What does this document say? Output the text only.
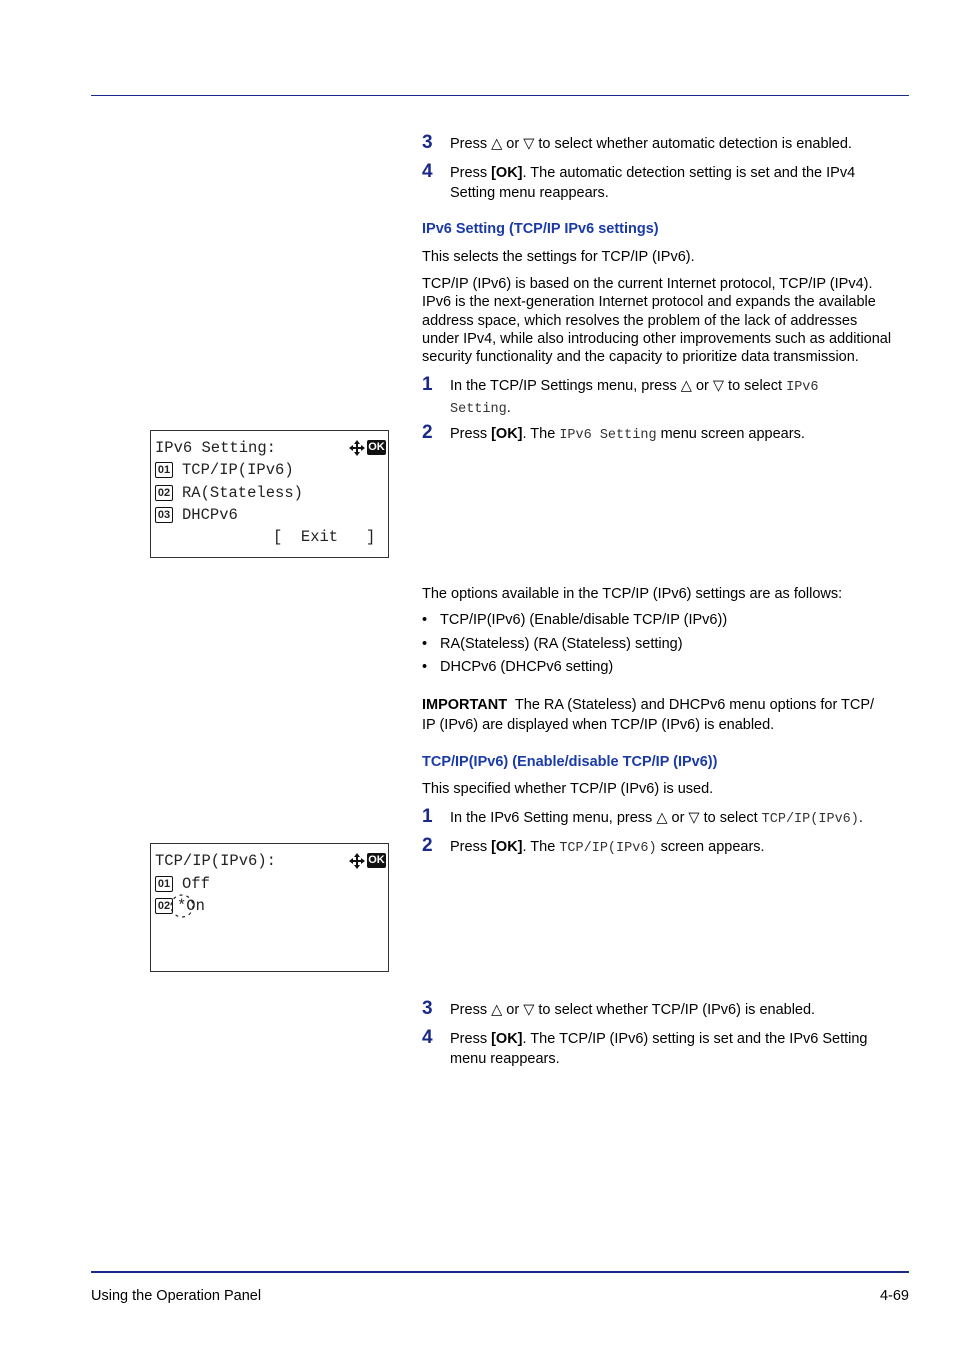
3 Press △ or ▽ to select whether automatic detection is enabled.
4 Press [OK]. The automatic detection setting is set and the IPv4
Setting menu reappears.
IPv6 Setting (TCP/IP IPv6 settings)
This selects the settings for TCP/IP (IPv6).
TCP/IP (IPv6) is based on the current Internet protocol, TCP/IP (IPv4).
IPv6 is the next-generation Internet protocol and expands the available
address space, which resolves the problem of the lack of addresses
under IPv4, while also introducing other improvements such as additional
security functionality and the capacity to prioritize data transmission.
1 In the TCP/IP Settings menu, press △ or ▽ to select IPv6
Setting.
2 Press [OK]. The IPv6 Setting menu screen appears.
IPv6 Setting:	OK
01 TCP/IP(IPv6)
02 RA(Stateless)
03 DHCPv6
[  Exit   ]
The options available in the TCP/IP (IPv6) settings are as follows:
• TCP/IP(IPv6) (Enable/disable TCP/IP (IPv6))
• RA(Stateless) (RA (Stateless) setting)
• DHCPv6 (DHCPv6 setting)
IMPORTANT The RA (Stateless) and DHCPv6 menu options for TCP/
IP (IPv6) are displayed when TCP/IP (IPv6) is enabled.
TCP/IP(IPv6) (Enable/disable TCP/IP (IPv6))
This specified whether TCP/IP (IPv6) is used.
1 In the IPv6 Setting menu, press △ or ▽ to select TCP/IP(IPv6).
2 Press [OK]. The TCP/IP(IPv6) screen appears.
TCP/IP(IPv6):	OK
01 Off
02 *On
3 Press △ or ▽ to select whether TCP/IP (IPv6) is enabled.
4 Press [OK]. The TCP/IP (IPv6) setting is set and the IPv6 Setting
menu reappears.
Using the Operation Panel	4-69
